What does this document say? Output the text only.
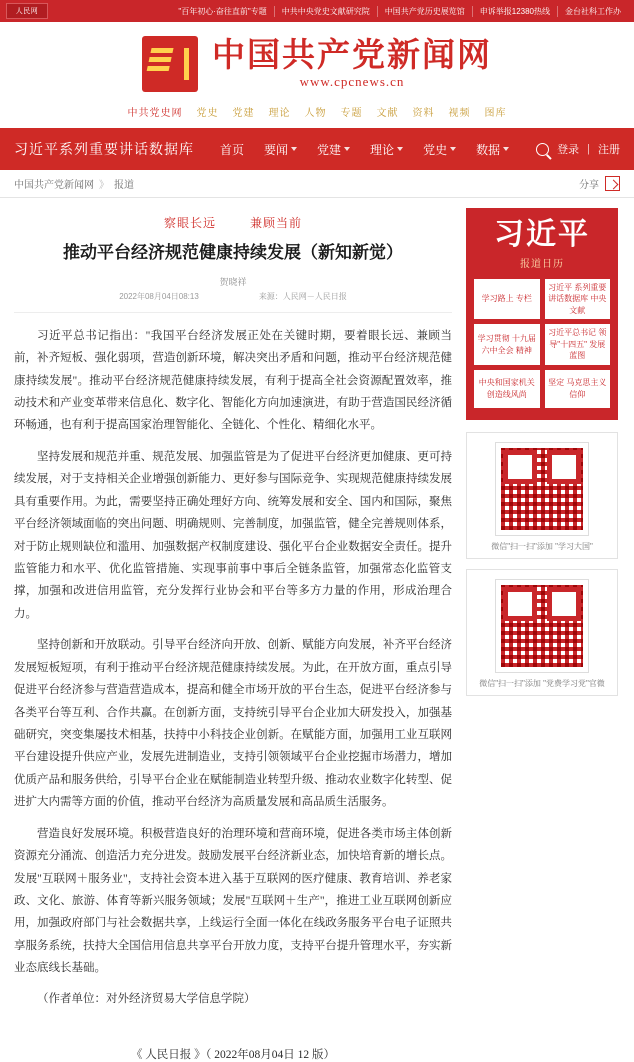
人民网	"百年初心·奋往直前"专题	中共中央党史文献研究院	中国共产党历史展览馆	申诉举报12380热线	金台社科工作办
中国共产党新闻网
www.cpcnews.cn
中共党史网 党史 党建 理论 人物 专题 文献 资料 视频 图库
习近平系列重要讲话数据库 首页 要闻 党建 理论 党史 数据	登录 | 注册
中国共产党新闻网 》 报道	分享
察眼长远	兼顾当前
推动平台经济规范健康持续发展（新知新觉）
贺晓祥
2022年08月04日08:13	来源：人民网－人民日报

习近平总书记指出："我国平台经济发展正处在关键时期，要着眼长远、兼顾当前，补齐短板、强化弱项，营造创新环境，解决突出矛盾和问题，推动平台经济规范健康持续发展"。推动平台经济规范健康持续发展，有利于提高全社会资源配置效率，推动技术和产业变革带来信息化、数字化、智能化方向加速演进，有助于营造国民经济循环畅通，也有利于提高国家治理智能化、全链化、个性化、精细化水平。

坚持发展和规范并重、规范发展、加强监管是为了促进平台经济更加健康、更可持续发展，对于支持相关企业增强创新能力、更好参与国际竞争、实现规范健康持续发展具有重要作用。为此，需要坚持正确处理好方向、统筹发展和安全、国内和国际，聚焦平台经济领域面临的突出问题、明确规则、完善制度，加强监管，健全完善规则体系，对于防止规则缺位和滥用、加强数据产权制度建设、强化平台企业数据安全责任。提升监管能力和水平、优化监管措施、实现事前事中事后全链条监管，加强常态化监管支撑，加强和改进信用监管，充分发挥行业协会和平台等多方力量的作用，形成治理合力。

坚持创新和开放联动。引导平台经济向开放、创新、赋能方向发展，补齐平台经济发展短板短项，有利于推动平台经济规范健康持续发展。为此，在开放方面，重点引导促进平台经济参与营造营造成本，提高和健全市场开放的平台生态，促进平台经济参与各类平台等互利、合作共赢。在创新方面，支持统引导平台企业加大研发投入，加强基础研究，突变集屡技术相基，扶持中小科技企业创新。在赋能方面，加强用工业互联网平台建设提升供应产业，发展先进制造业，支持引领领域平台企业挖掘市场潜力，增加优质产品和服务供给，引导平台企业在赋能制造业转型升级、推动农业数字化转型、促进扩大内需等方面的价值，推动平台经济为高质量发展和高品质生活服务。

营造良好发展环境。积极营造良好的治理环境和营商环境，促进各类市场主体创新资源充分涌流、创造活力充分进发。鼓励发展平台经济新业态，加快培育新的增长点。发展"互联网＋服务业"，支持社会资本进入基于互联网的医疗健康、教育培训、养老家政、文化、旅游、体育等新兴服务领域；发展"互联网＋生产"，推进工业互联网创新应用，加强政府部门与社会数据共享，上线运行全面一体化在线政务服务平台电子证照共享服务系统，扶持大全国信用信息共享平台开放力度，支持平台提升管理水平，夯实新业态底线长基础。

（作者单位：对外经济贸易大学信息学院）
《 人民日报 》（ 2022年08月04日 12 版）
习近平
报道日历
学习路上 专栏
习近平 系列重要讲话数据库 中央文献
学习贯彻 十九届六中全会 精神
习近平总书记 领导"十四五" 发展蓝图
中央和国家机关 创造线风尚
坚定 马克思主义信仰
微信"扫一扫"添加 "学习大国"
微信"扫一扫"添加 "党费学习党"官微
